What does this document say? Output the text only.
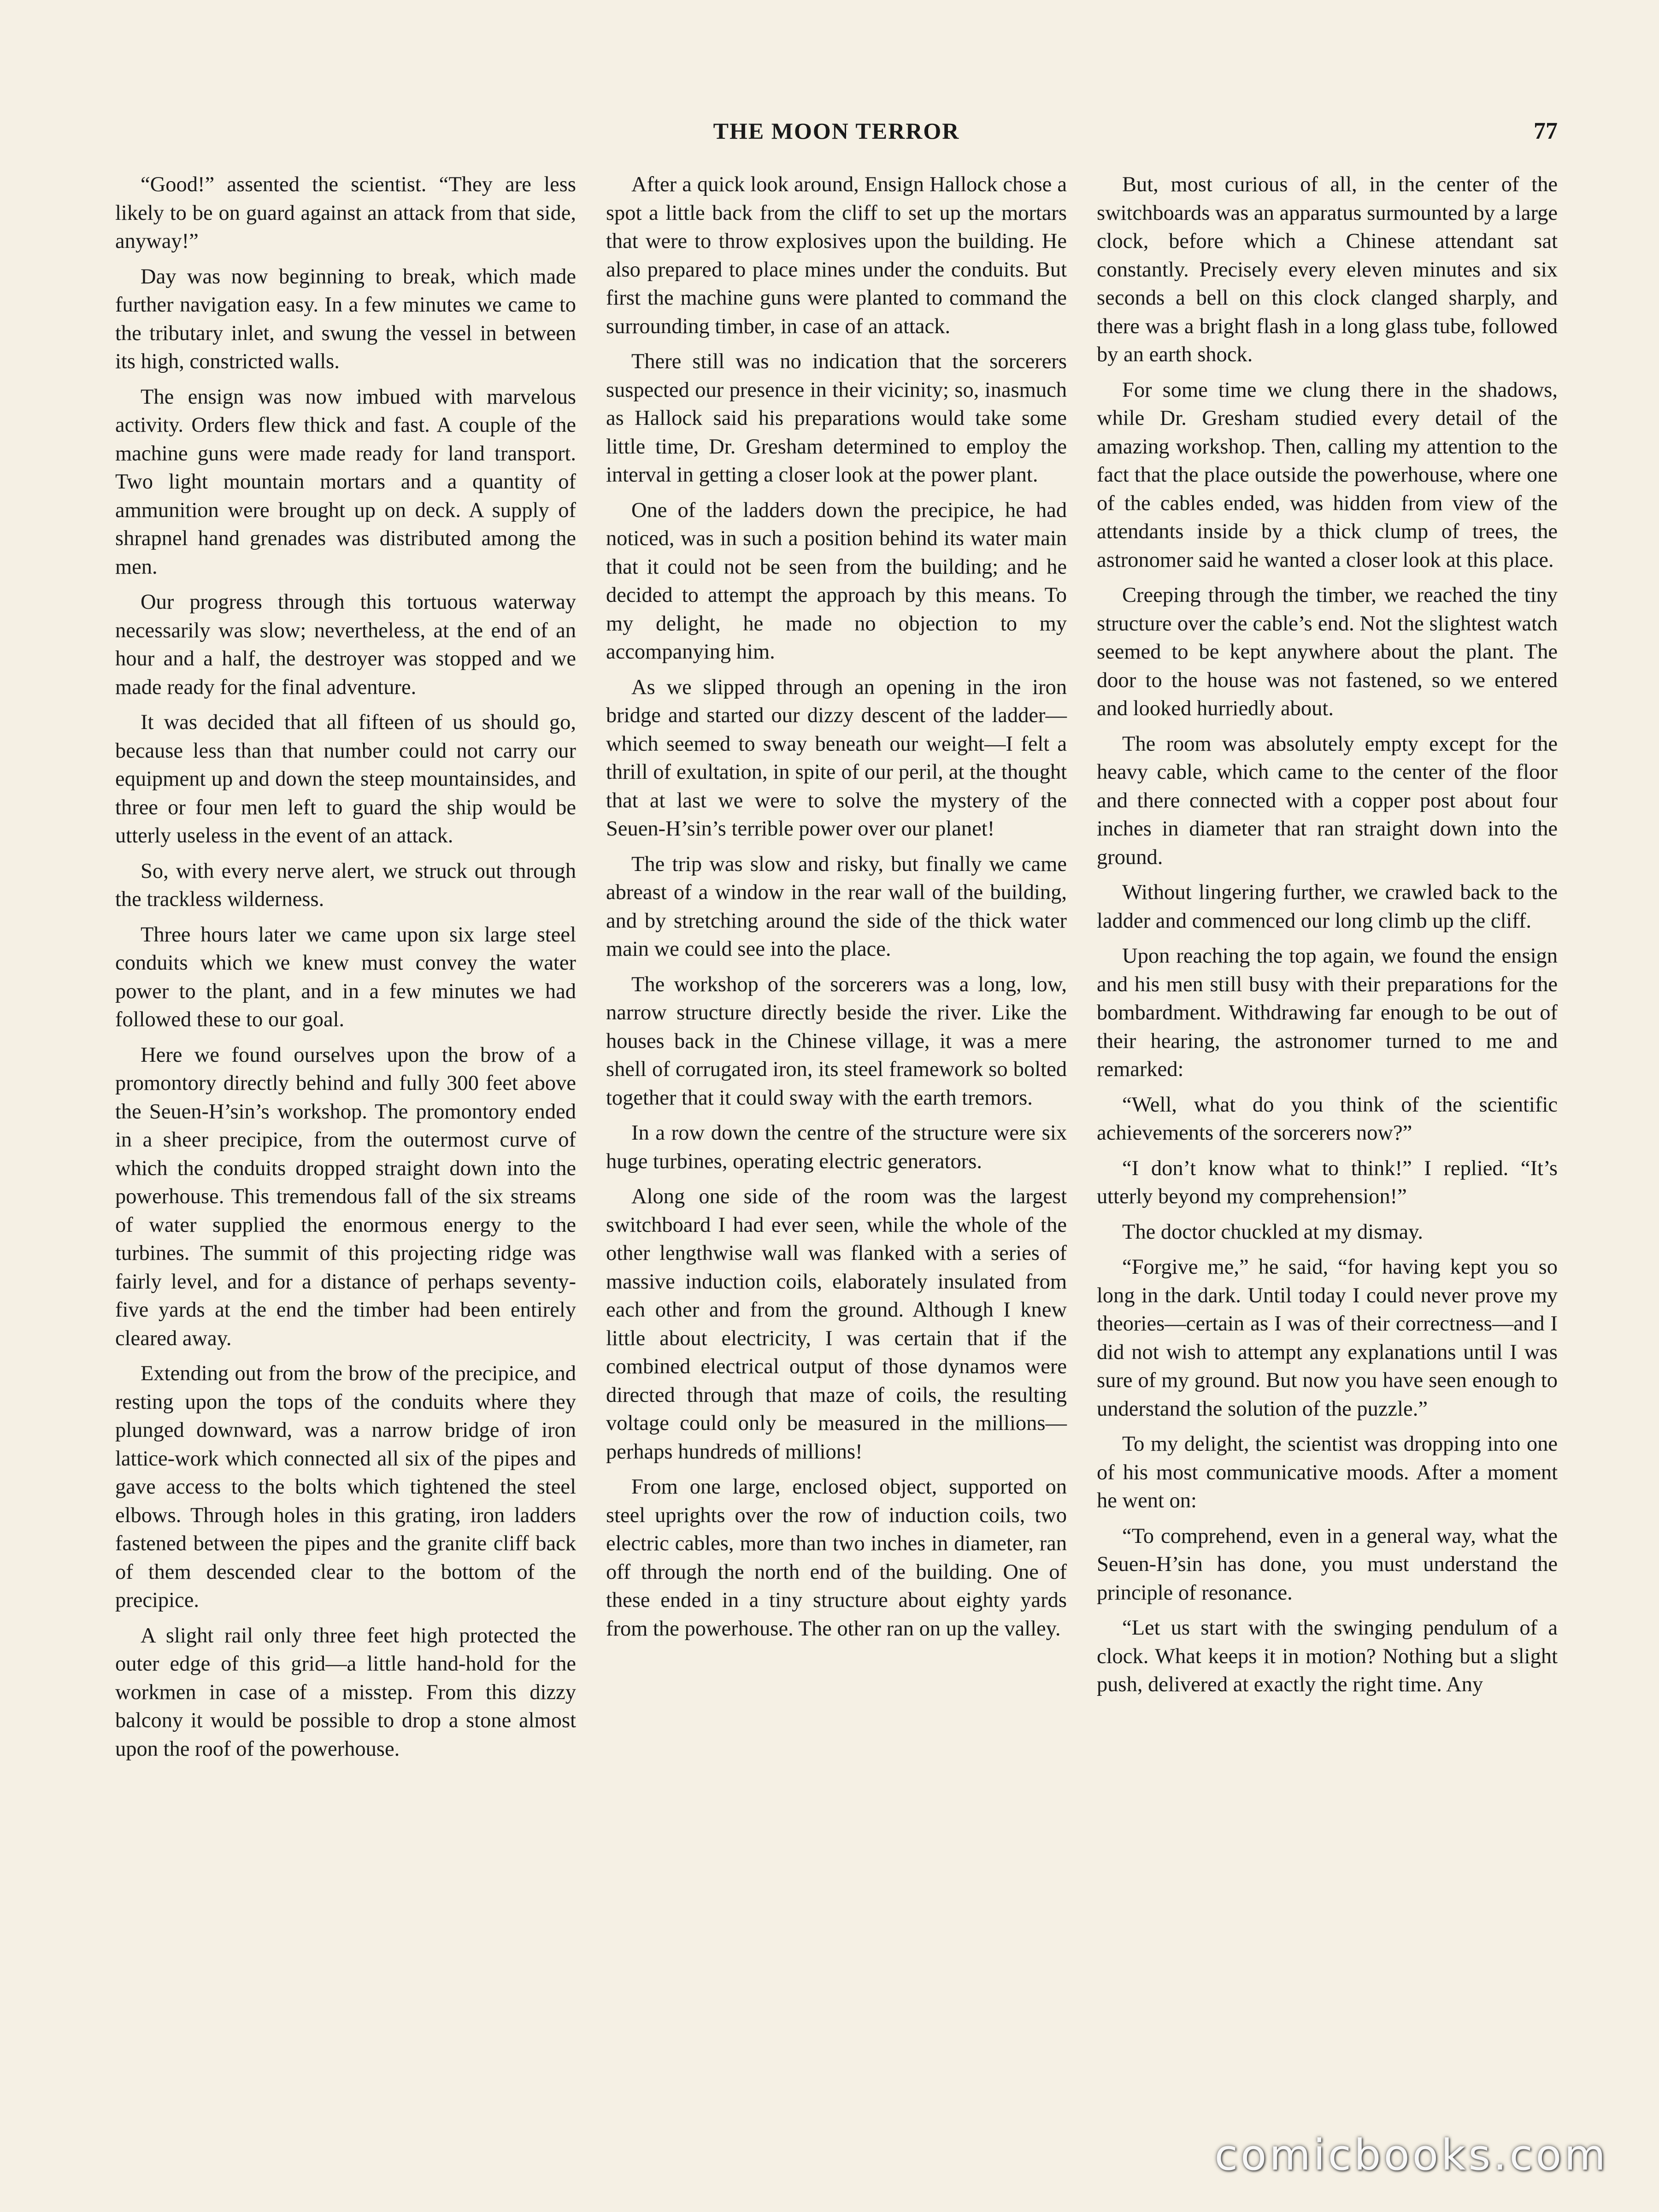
THE MOON TERROR	77

“Good!” assented the scientist. “They are less likely to be on guard against an attack from that side, anyway!”

Day was now beginning to break, which made further navigation easy. In a few minutes we came to the tributary inlet, and swung the vessel in between its high, constricted walls.

The ensign was now imbued with marvelous activity. Orders flew thick and fast. A couple of the machine guns were made ready for land transport. Two light mountain mortars and a quantity of ammunition were brought up on deck. A supply of shrapnel hand grenades was distributed among the men.

Our progress through this tortuous waterway necessarily was slow; nevertheless, at the end of an hour and a half, the destroyer was stopped and we made ready for the final adventure.

It was decided that all fifteen of us should go, because less than that number could not carry our equipment up and down the steep mountainsides, and three or four men left to guard the ship would be utterly useless in the event of an attack.

So, with every nerve alert, we struck out through the trackless wilderness.

Three hours later we came upon six large steel conduits which we knew must convey the water power to the plant, and in a few minutes we had followed these to our goal.

Here we found ourselves upon the brow of a promontory directly behind and fully 300 feet above the Seuen-H’sin’s workshop. The promontory ended in a sheer precipice, from the outermost curve of which the conduits dropped straight down into the powerhouse. This tremendous fall of the six streams of water supplied the enormous energy to the turbines. The summit of this projecting ridge was fairly level, and for a distance of perhaps seventy-five yards at the end the timber had been entirely cleared away.

Extending out from the brow of the precipice, and resting upon the tops of the conduits where they plunged downward, was a narrow bridge of iron lattice-work which connected all six of the pipes and gave access to the bolts which tightened the steel elbows. Through holes in this grating, iron ladders fastened between the pipes and the granite cliff back of them descended clear to the bottom of the precipice.

A slight rail only three feet high protected the outer edge of this grid—a little hand-hold for the workmen in case of a misstep. From this dizzy balcony it would be possible to drop a stone almost upon the roof of the powerhouse.

After a quick look around, Ensign Hallock chose a spot a little back from the cliff to set up the mortars that were to throw explosives upon the building. He also prepared to place mines under the conduits. But first the machine guns were planted to command the surrounding timber, in case of an attack.

There still was no indication that the sorcerers suspected our presence in their vicinity; so, inasmuch as Hallock said his preparations would take some little time, Dr. Gresham determined to employ the interval in getting a closer look at the power plant.

One of the ladders down the precipice, he had noticed, was in such a position behind its water main that it could not be seen from the building; and he decided to attempt the approach by this means. To my delight, he made no objection to my accompanying him.

As we slipped through an opening in the iron bridge and started our dizzy descent of the ladder—which seemed to sway beneath our weight—I felt a thrill of exultation, in spite of our peril, at the thought that at last we were to solve the mystery of the Seuen-H’sin’s terrible power over our planet!

The trip was slow and risky, but finally we came abreast of a window in the rear wall of the building, and by stretching around the side of the thick water main we could see into the place.

The workshop of the sorcerers was a long, low, narrow structure directly beside the river. Like the houses back in the Chinese village, it was a mere shell of corrugated iron, its steel framework so bolted together that it could sway with the earth tremors.

In a row down the centre of the structure were six huge turbines, operating electric generators.

Along one side of the room was the largest switchboard I had ever seen, while the whole of the other lengthwise wall was flanked with a series of massive induction coils, elaborately insulated from each other and from the ground. Although I knew little about electricity, I was certain that if the combined electrical output of those dynamos were directed through that maze of coils, the resulting voltage could only be measured in the millions—perhaps hundreds of millions!

From one large, enclosed object, supported on steel uprights over the row of induction coils, two electric cables, more than two inches in diameter, ran off through the north end of the building. One of these ended in a tiny structure about eighty yards from the powerhouse. The other ran on up the valley.

But, most curious of all, in the center of the switchboards was an apparatus surmounted by a large clock, before which a Chinese attendant sat constantly. Precisely every eleven minutes and six seconds a bell on this clock clanged sharply, and there was a bright flash in a long glass tube, followed by an earth shock.

For some time we clung there in the shadows, while Dr. Gresham studied every detail of the amazing workshop. Then, calling my attention to the fact that the place outside the powerhouse, where one of the cables ended, was hidden from view of the attendants inside by a thick clump of trees, the astronomer said he wanted a closer look at this place.

Creeping through the timber, we reached the tiny structure over the cable’s end. Not the slightest watch seemed to be kept anywhere about the plant. The door to the house was not fastened, so we entered and looked hurriedly about.

The room was absolutely empty except for the heavy cable, which came to the center of the floor and there connected with a copper post about four inches in diameter that ran straight down into the ground.

Without lingering further, we crawled back to the ladder and commenced our long climb up the cliff.

Upon reaching the top again, we found the ensign and his men still busy with their preparations for the bombardment. Withdrawing far enough to be out of their hearing, the astronomer turned to me and remarked:

“Well, what do you think of the scientific achievements of the sorcerers now?”

“I don’t know what to think!” I replied. “It’s utterly beyond my comprehension!”

The doctor chuckled at my dismay.

“Forgive me,” he said, “for having kept you so long in the dark. Until today I could never prove my theories—certain as I was of their correctness—and I did not wish to attempt any explanations until I was sure of my ground. But now you have seen enough to understand the solution of the puzzle.”

To my delight, the scientist was dropping into one of his most communicative moods. After a moment he went on:

“To comprehend, even in a general way, what the Seuen-H’sin has done, you must understand the principle of resonance.

“Let us start with the swinging pendulum of a clock. What keeps it in motion? Nothing but a slight push, delivered at exactly the right time. Any

comicbooks.com
